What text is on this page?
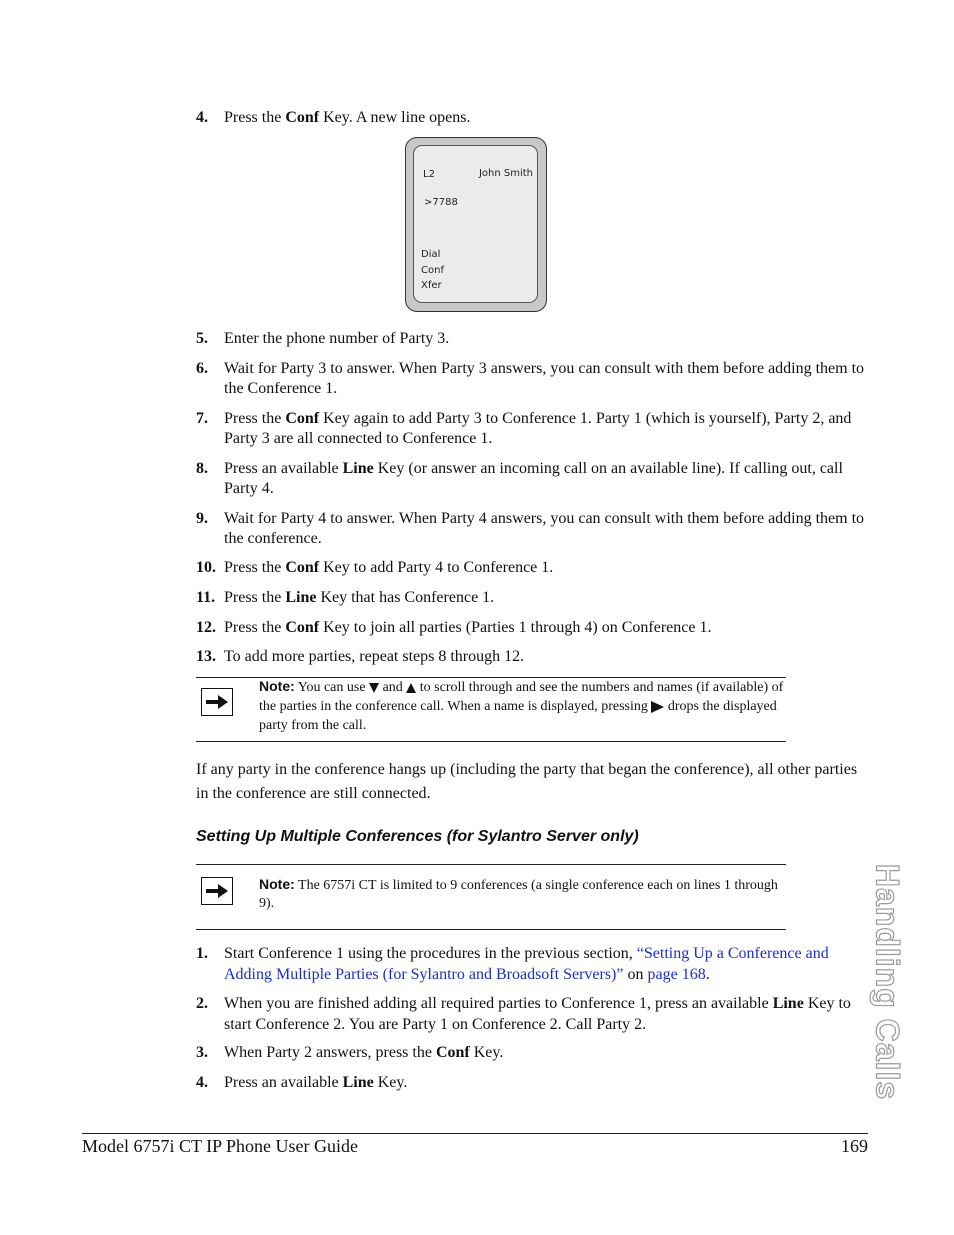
4. Press the Conf Key. A new line opens.
L2	John Smith
>7788
Dial
Conf
Xfer
5. Enter the phone number of Party 3.
6. Wait for Party 3 to answer. When Party 3 answers, you can consult with them before adding them to the Conference 1.
7. Press the Conf Key again to add Party 3 to Conference 1. Party 1 (which is yourself), Party 2, and Party 3 are all connected to Conference 1.
8. Press an available Line Key (or answer an incoming call on an available line). If calling out, call Party 4.
9. Wait for Party 4 to answer. When Party 4 answers, you can consult with them before adding them to the conference.
10. Press the Conf Key to add Party 4 to Conference 1.
11. Press the Line Key that has Conference 1.
12. Press the Conf Key to join all parties (Parties 1 through 4) on Conference 1.
13. To add more parties, repeat steps 8 through 12.
Note: You can use  and  to scroll through and see the numbers and names (if available) of the parties in the conference call. When a name is displayed, pressing  drops the displayed party from the call.
If any party in the conference hangs up (including the party that began the conference), all other parties in the conference are still connected.
Setting Up Multiple Conferences (for Sylantro Server only)
Note: The 6757i CT is limited to 9 conferences (a single conference each on lines 1 through 9).
1. Start Conference 1 using the procedures in the previous section, “Setting Up a Conference and Adding Multiple Parties (for Sylantro and Broadsoft Servers)” on page 168.
2. When you are finished adding all required parties to Conference 1, press an available Line Key to start Conference 2. You are Party 1 on Conference 2. Call Party 2.
3. When Party 2 answers, press the Conf Key.
4. Press an available Line Key.	Handling Calls
Model 6757i CT IP Phone User Guide	169
